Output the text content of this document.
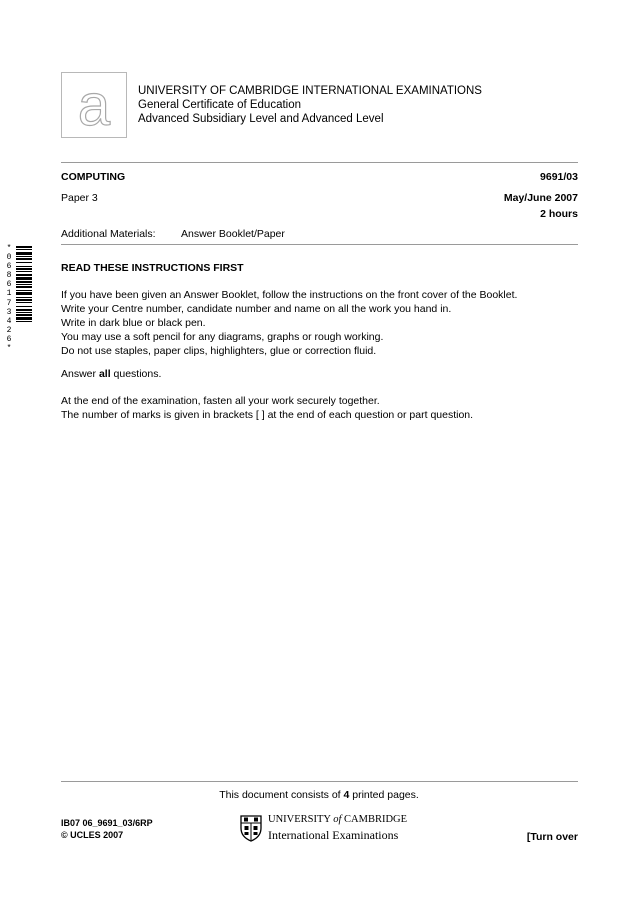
a UNIVERSITY OF CAMBRIDGE INTERNATIONAL EXAMINATIONS
General Certificate of Education
Advanced Subsidiary Level and Advanced Level
COMPUTING	9691/03
Paper 3	May/June 2007
2 hours
Additional Materials: Answer Booklet/Paper
*0686173426*
READ THESE INSTRUCTIONS FIRST
If you have been given an Answer Booklet, follow the instructions on the front cover of the Booklet.
Write your Centre number, candidate number and name on all the work you hand in.
Write in dark blue or black pen.
You may use a soft pencil for any diagrams, graphs or rough working.
Do not use staples, paper clips, highlighters, glue or correction fluid.
Answer all questions.
At the end of the examination, fasten all your work securely together.
The number of marks is given in brackets [ ] at the end of each question or part question.
This document consists of 4 printed pages.
IB07 06_9691_03/6RP
© UCLES 2007
UNIVERSITY of CAMBRIDGE
International Examinations	[Turn over
